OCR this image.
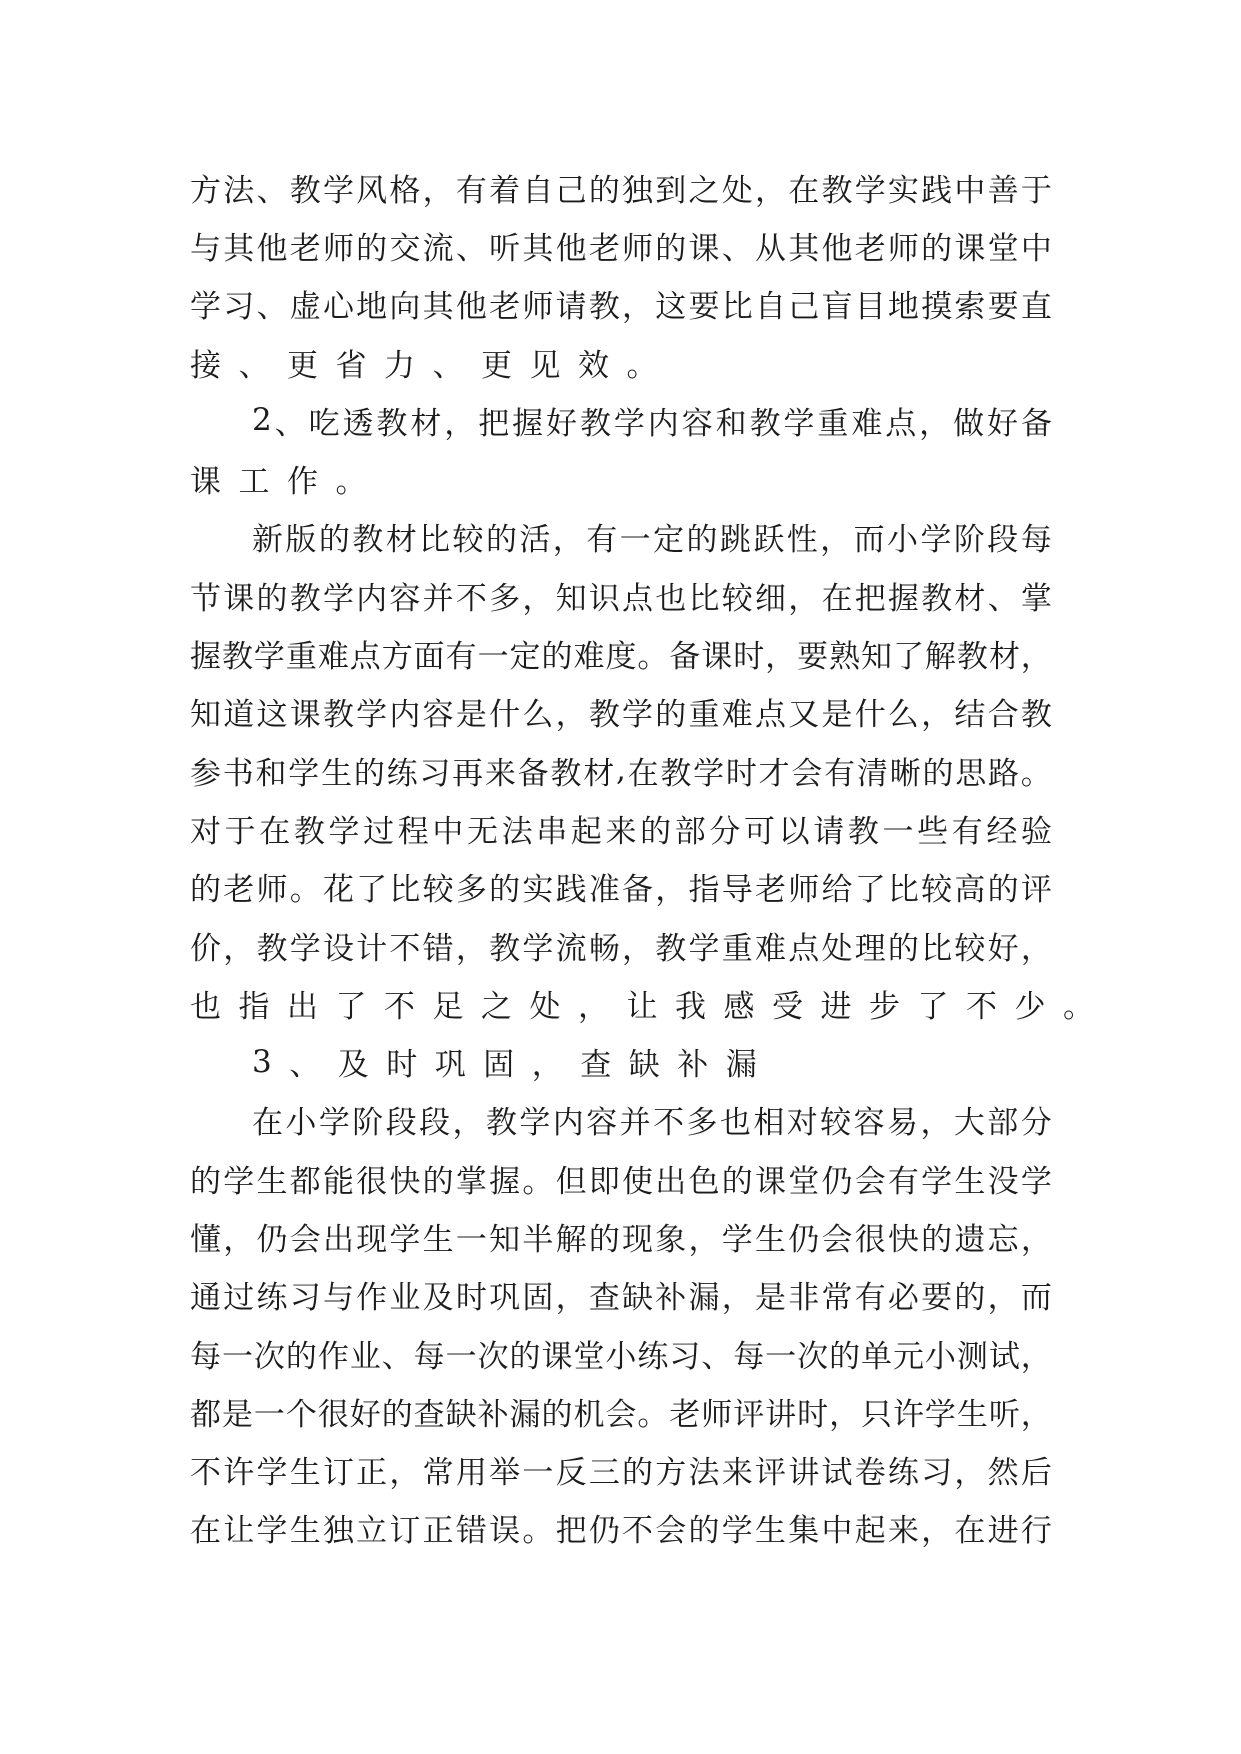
方 法 、 教 学 风 格 ， 有 着 自 己 的 独 到 之 处 ， 在 教 学 实 践 中 善 于
与 其 他 老 师 的 交 流 、 听 其 他 老 师 的 课 、 从 其 他 老 师 的 课 堂 中
学 习 、 虚 心 地 向 其 他 老 师 请 教 ， 这 要 比 自 己 盲 目 地 摸 索 要 直
接 、 更 省 力 、 更 见 效 。
2 、 吃 透 教 材 ， 把 握 好 教 学 内 容 和 教 学 重 难 点 ， 做 好 备
课 工 作 。
新 版 的 教 材 比 较 的 活 ， 有 一 定 的 跳 跃 性 ， 而 小 学 阶 段 每
节 课 的 教 学 内 容 并 不 多 ， 知 识 点 也 比 较 细 ， 在 把 握 教 材 、 掌
握 教 学 重 难 点 方 面 有 一 定 的 难 度 。 备 课 时 ， 要 熟 知 了 解 教 材 ，
知 道 这 课 教 学 内 容 是 什 么 ， 教 学 的 重 难 点 又 是 什 么 ， 结 合 教
参 书 和 学 生 的 练 习 再 来 备 教 材 , 在 教 学 时 才 会 有 清 晰 的 思 路 。
对 于 在 教 学 过 程 中 无 法 串 起 来 的 部 分 可 以 请 教 一 些 有 经 验
的 老 师 。 花 了 比 较 多 的 实 践 准 备 ， 指 导 老 师 给 了 比 较 高 的 评
价 ， 教 学 设 计 不 错 ， 教 学 流 畅 ， 教 学 重 难 点 处 理 的 比 较 好 ，
也 指 出 了 不 足 之 处 ， 让 我 感 受 进 步 了 不 少 。
3 、 及 时 巩 固 ， 查 缺 补 漏
在 小 学 阶 段 段 ， 教 学 内 容 并 不 多 也 相 对 较 容 易 ， 大 部 分
的 学 生 都 能 很 快 的 掌 握 。 但 即 使 出 色 的 课 堂 仍 会 有 学 生 没 学
懂 ， 仍 会 出 现 学 生 一 知 半 解 的 现 象 ， 学 生 仍 会 很 快 的 遗 忘 ，
通 过 练 习 与 作 业 及 时 巩 固 ， 查 缺 补 漏 ， 是 非 常 有 必 要 的 ， 而
每 一 次 的 作 业 、 每 一 次 的 课 堂 小 练 习 、 每 一 次 的 单 元 小 测 试 ，
都 是 一 个 很 好 的 查 缺 补 漏 的 机 会 。 老 师 评 讲 时 ， 只 许 学 生 听 ，
不 许 学 生 订 正 ， 常 用 举 一 反 三 的 方 法 来 评 讲 试 卷 练 习 ， 然 后
在 让 学 生 独 立 订 正 错 误 。 把 仍 不 会 的 学 生 集 中 起 来 ， 在 进 行
